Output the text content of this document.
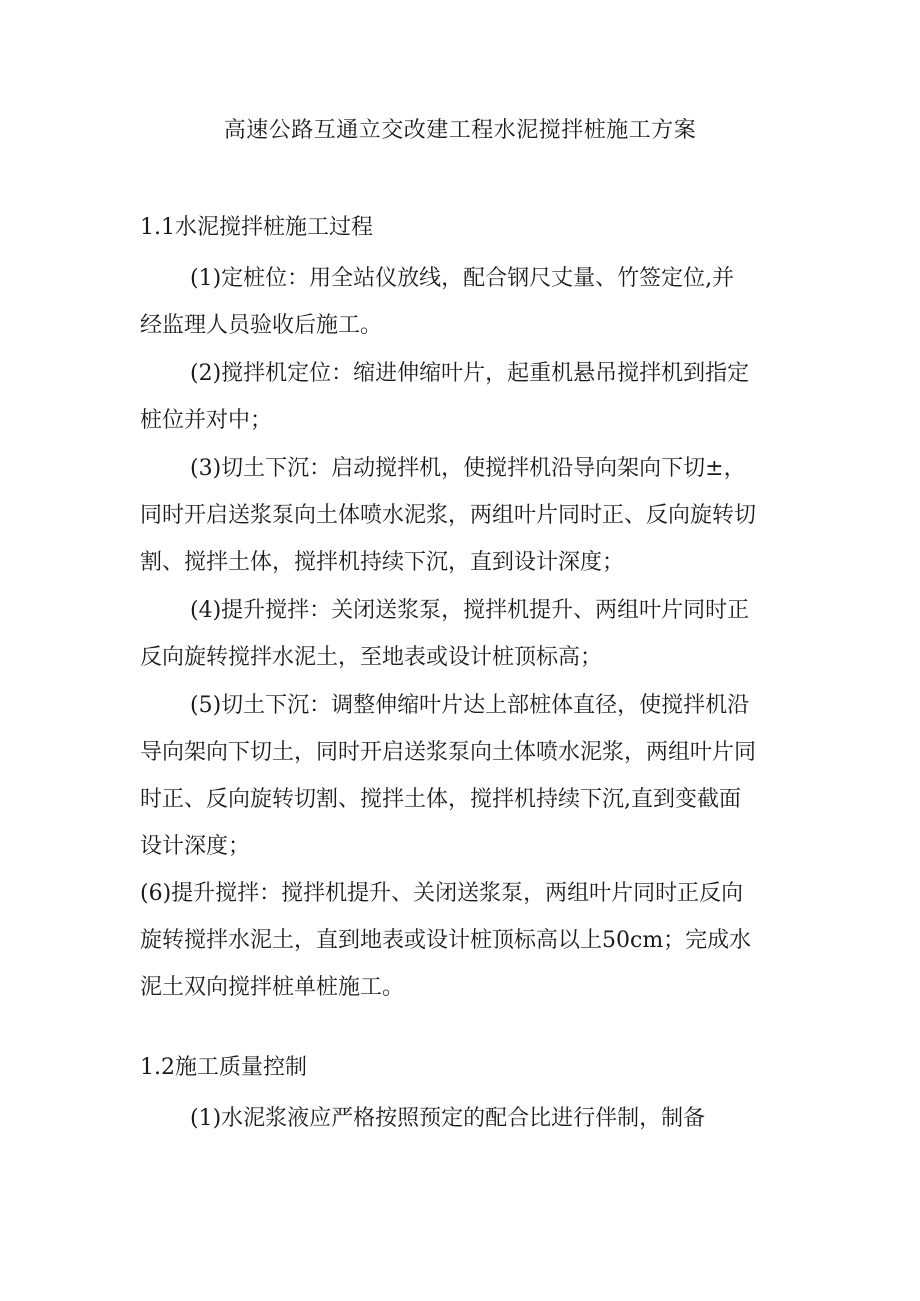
高速公路互通立交改建工程水泥搅拌桩施工方案
1.1水泥搅拌桩施工过程
(1)定桩位：用全站仪放线，配合钢尺丈量、竹签定位,并
经监理人员验收后施工。
(2)搅拌机定位：缩进伸缩叶片，起重机悬吊搅拌机到指定
桩位并对中；
(3)切土下沉：启动搅拌机，使搅拌机沿导向架向下切±，
同时开启送浆泵向土体喷水泥浆，两组叶片同时正、反向旋转切
割、搅拌土体，搅拌机持续下沉，直到设计深度；
(4)提升搅拌：关闭送浆泵，搅拌机提升、两组叶片同时正
反向旋转搅拌水泥土，至地表或设计桩顶标高；
(5)切土下沉：调整伸缩叶片达上部桩体直径，使搅拌机沿
导向架向下切土，同时开启送浆泵向土体喷水泥浆，两组叶片同
时正、反向旋转切割、搅拌土体，搅拌机持续下沉,直到变截面
设计深度；
(6)提升搅拌：搅拌机提升、关闭送浆泵，两组叶片同时正反向
旋转搅拌水泥土，直到地表或设计桩顶标高以上50cm；完成水
泥土双向搅拌桩单桩施工。
1.2施工质量控制
(1)水泥浆液应严格按照预定的配合比进行伴制，制备
